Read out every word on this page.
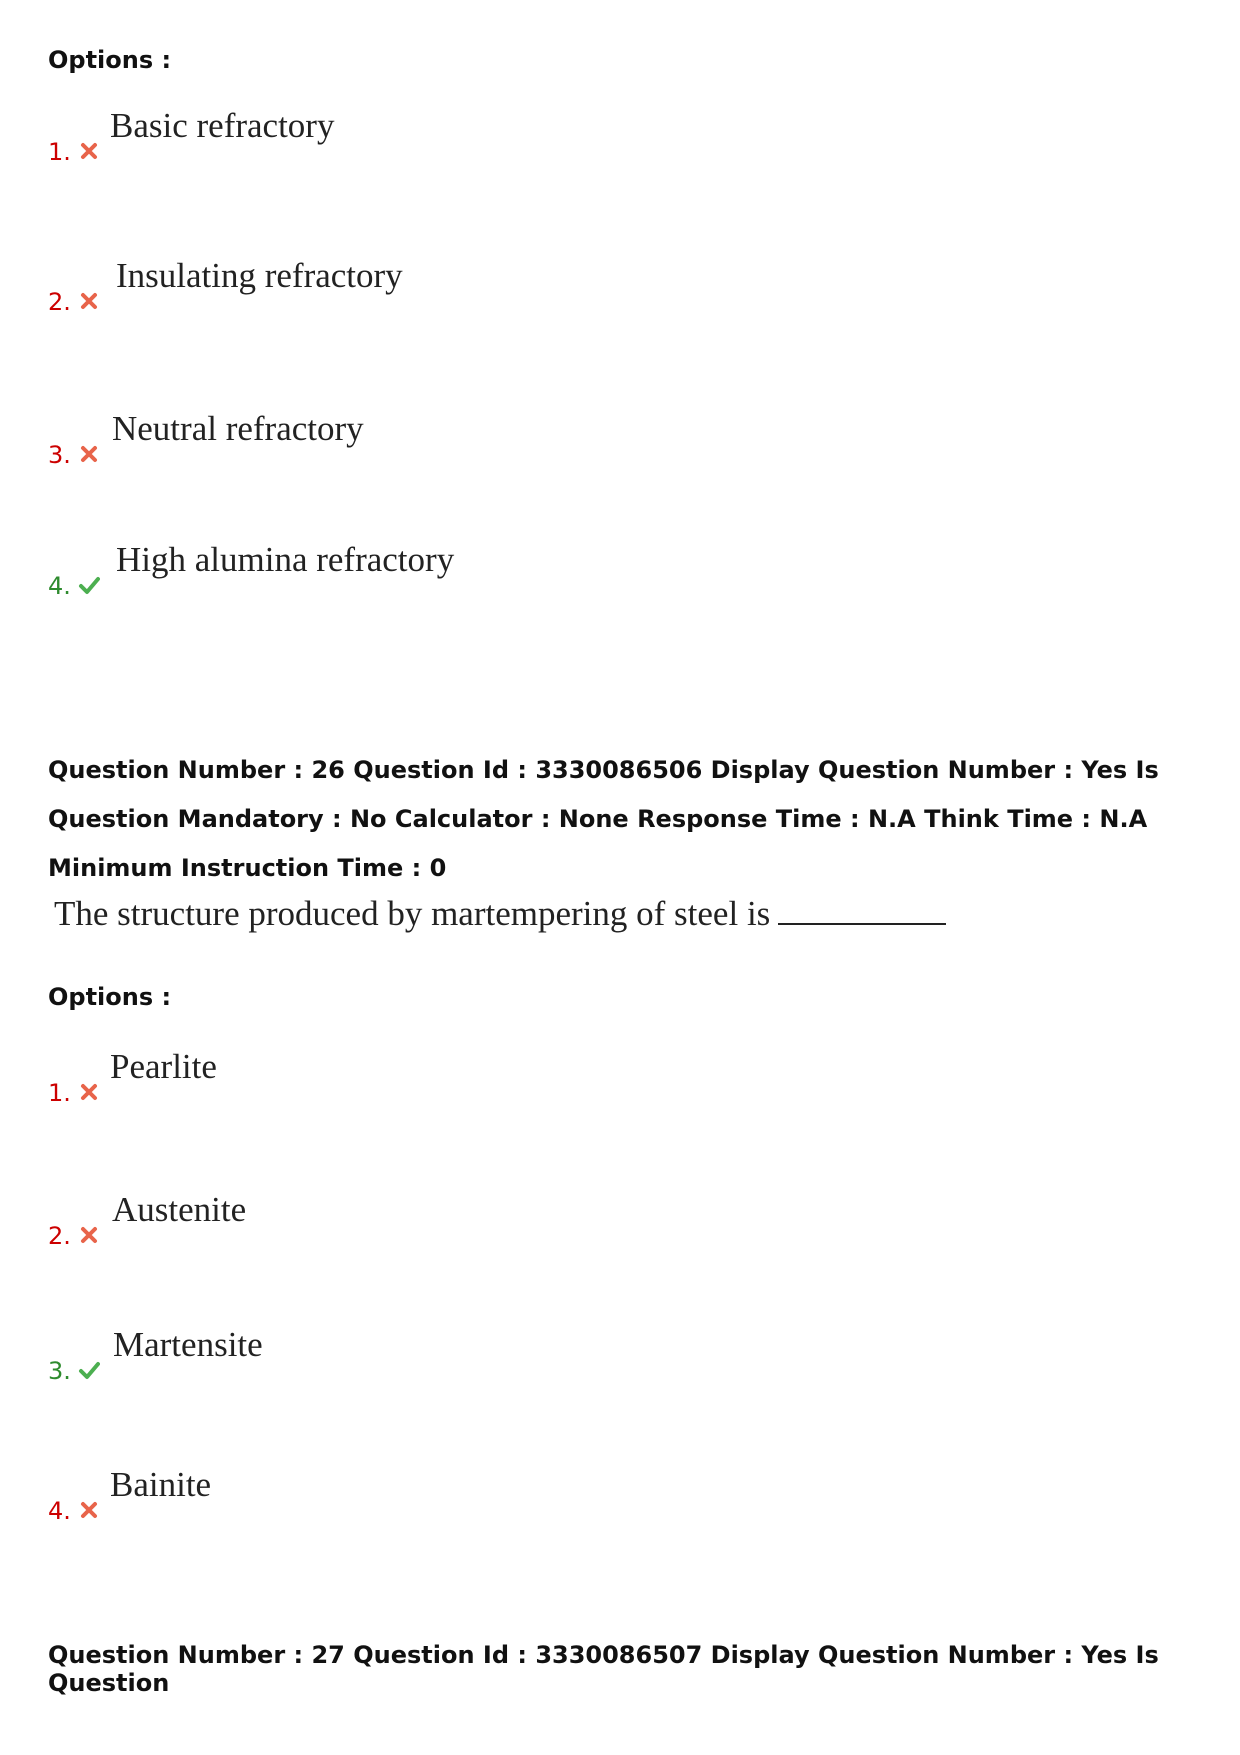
Options :

1.
Basic refractory
2.
Insulating refractory
3.
Neutral refractory
4.
High alumina refractory

Question Number : 26 Question Id : 3330086506 Display Question Number : Yes Is Question Mandatory : No Calculator : None Response Time : N.A Think Time : N.A Minimum Instruction Time : 0

The structure produced by martempering of steel is

Options :

1.
Pearlite
2.
Austenite
3.
Martensite
4.
Bainite

Question Number : 27 Question Id : 3330086507 Display Question Number : Yes Is Question
